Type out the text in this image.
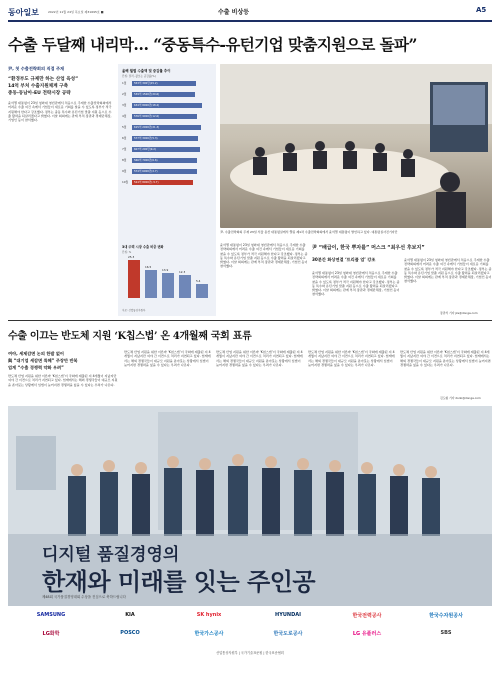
동아일보	2022년 11월 24일 목요일 제31695호 ■	수출 비상등	A5
수출 두달째 내리막… “중동특수-유턴기업 맞춤지원으로 돌파”
尹, 첫 수출전략회의 직접 주재
“환경부도 규제만 하는 산업 육성”
14억 부처 수출지원체계 구축
중동-동남아-EU 전략시장 공략
윤석열 대통령이 23일 청와대 영빈관에서 처음으로 주재한 수출전략회의에서 어려운 수출 여건 속에서 기업들이 새로운 기회를 찾을 수 있도록 정부가 적극 지원해야 한다고 강조했다. 정부는 중동 특수와 유턴기업 맞춤 지원 등으로 수출 활력을 되살리겠다고 밝혔다. 이날 회의에는 관계 부처 장관과 경제단체장, 기업인 등이 참석했다.
올해 월별 수출액 및 증감률 추이
단위: 달러, 괄호는 증감률(%)
1월	553억 300만(15.2)
2월	539억 1500만(20.6)
3월	634억 8000만(18.2)
4월	576억 9000만(12.6)
5월	615억 2000만(21.3)
6월	577억 3000만(5.3)
7월	607억 200만(9.2)
8월	566억 7000만(6.6)
9월	574억 6000만(2.7)
10월 524억 8000만(-5.7)
3대 주력 시장 수출 비중 변화
단위: %
25.3
16.5
13.9	12.3
5.4
자료: 산업통상자원부
尹, 수출전략회의 주재 23일 서울 용산 대통령실에서 열린 제1차 수출전략회의에서 윤석열 대통령이 발언하고 있다. 대통령실사진기자단
윤석열 대통령이 23일 청와대 영빈관에서 처음으로 주재한 수출전략회의에서 어려운 수출 여건 속에서 기업들이 새로운 기회를 찾을 수 있도록 정부가 적극 지원해야 한다고 강조했다. 정부는 중동 특수와 유턴기업 맞춤 지원 등으로 수출 활력을 되살리겠다고 밝혔다. 이날 회의에는 관계 부처 장관과 경제단체장, 기업인 등이 참석했다.
尹 “배급이, 한국 뿌자를” 머스크 “최우선 후보지”
30분간 화상연결 ‘트리플 업’ 강조
윤석열 대통령이 23일 청와대 영빈관에서 처음으로 주재한 수출전략회의에서 어려운 수출 여건 속에서 기업들이 새로운 기회를 찾을 수 있도록 정부가 적극 지원해야 한다고 강조했다. 정부는 중동 특수와 유턴기업 맞춤 지원 등으로 수출 활력을 되살리겠다고 밝혔다. 이날 회의에는 관계 부처 장관과 경제단체장, 기업인 등이 참석했다.
윤석열 대통령이 23일 청와대 영빈관에서 처음으로 주재한 수출전략회의에서 어려운 수출 여건 속에서 기업들이 새로운 기회를 찾을 수 있도록 정부가 적극 지원해야 한다고 강조했다. 정부는 중동 특수와 유턴기업 맞춤 지원 등으로 수출 활력을 되살리겠다고 밝혔다. 이날 회의에는 관계 부처 장관과 경제단체장, 기업인 등이 참석했다.
장관석 기자 jks@donga.com
수출 이끄는 반도체 지원 ‘K칩스법’ 온 4개월째 국회 표류
여야, 세제감면 논의 한발 없어
與 “대기업 세감면 특혜” 주장만 반복
업계 “수출 경쟁력 약화 우려”
반도체 산업 지원을 위한 이른바 ‘K칩스법’이 국회에 제출된 지 4개월이 지났지만 여야 간 이견으로 처리가 지연되고 있다. 업계에서는 해외 경쟁국들이 대규모 지원을 쏟아붓는 상황에서 입법이 늦어지면 경쟁력을 잃을 수 있다는 우려가 나온다.
반도체 산업 지원을 위한 이른바 ‘K칩스법’이 국회에 제출된 지 4개월이 지났지만 여야 간 이견으로 처리가 지연되고 있다. 업계에서는 해외 경쟁국들이 대규모 지원을 쏟아붓는 상황에서 입법이 늦어지면 경쟁력을 잃을 수 있다는 우려가 나온다.
반도체 산업 지원을 위한 이른바 ‘K칩스법’이 국회에 제출된 지 4개월이 지났지만 여야 간 이견으로 처리가 지연되고 있다. 업계에서는 해외 경쟁국들이 대규모 지원을 쏟아붓는 상황에서 입법이 늦어지면 경쟁력을 잃을 수 있다는 우려가 나온다.
반도체 산업 지원을 위한 이른바 ‘K칩스법’이 국회에 제출된 지 4개월이 지났지만 여야 간 이견으로 처리가 지연되고 있다. 업계에서는 해외 경쟁국들이 대규모 지원을 쏟아붓는 상황에서 입법이 늦어지면 경쟁력을 잃을 수 있다는 우려가 나온다.
반도체 산업 지원을 위한 이른바 ‘K칩스법’이 국회에 제출된 지 4개월이 지났지만 여야 간 이견으로 처리가 지연되고 있다. 업계에서는 해외 경쟁국들이 대규모 지원을 쏟아붓는 상황에서 입법이 늦어지면 경쟁력을 잃을 수 있다는 우려가 나온다.
김도형 기자 dodo@donga.com
디지털 품질경영의
한재와 미래를 잇는 주인공
제48회 국가품질경영대회 수상을 진심으로 축하드립니다
SAMSUNG	KIA	SK hynix	HYUNDAI	한국전력공사	한국수자원공사
LG화학	POSCO	한국가스공사	한국도로공사	LG 유플러스	SBS
산업통상자원부 | 국가기술표준원 | 한국표준협회
